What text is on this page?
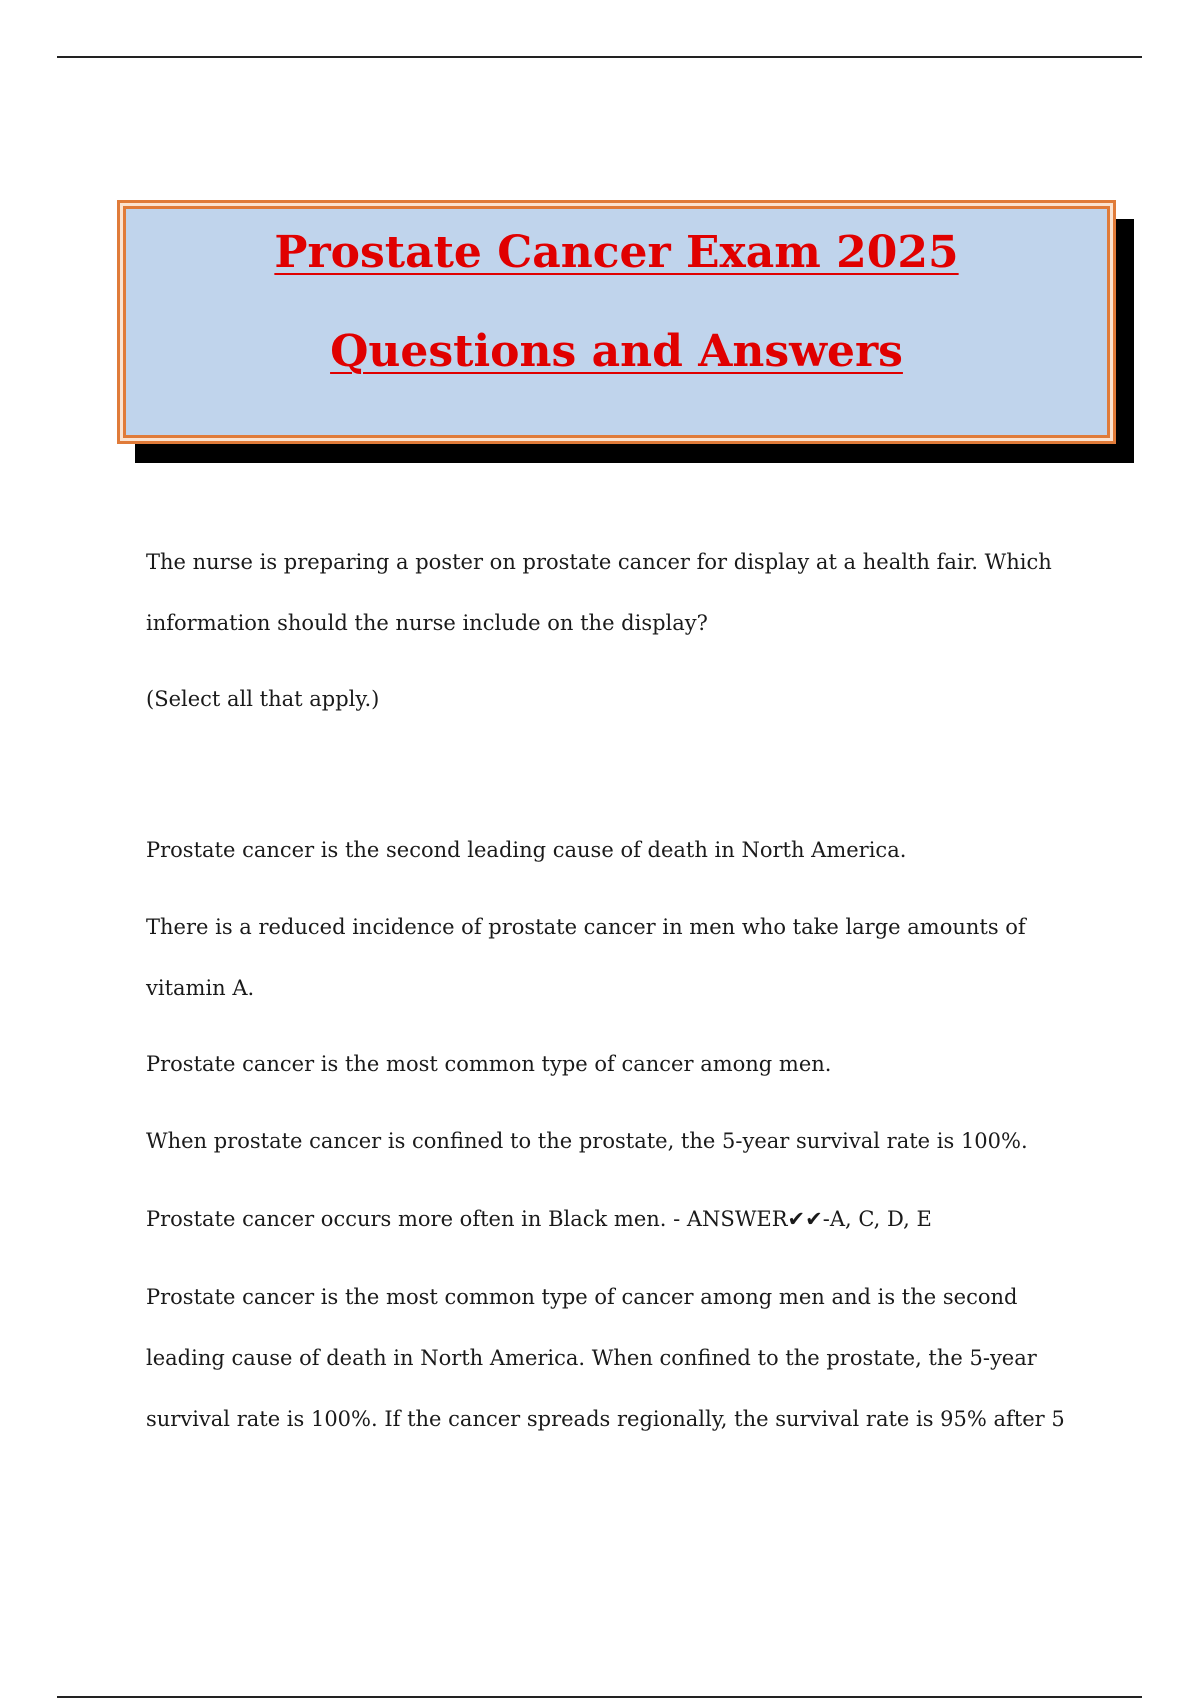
Prostate Cancer Exam 2025
Questions and Answers
The nurse is preparing a poster on prostate cancer for display at a health fair. Which
information should the nurse include on the display?
(Select all that apply.)
Prostate cancer is the second leading cause of death in North America.
There is a reduced incidence of prostate cancer in men who take large amounts of
vitamin A.
Prostate cancer is the most common type of cancer among men.
When prostate cancer is confined to the prostate, the 5-year survival rate is 100%.
Prostate cancer occurs more often in Black men. - ANSWER✔✔-A, C, D, E
Prostate cancer is the most common type of cancer among men and is the second
leading cause of death in North America. When confined to the prostate, the 5-year
survival rate is 100%. If the cancer spreads regionally, the survival rate is 95% after 5
